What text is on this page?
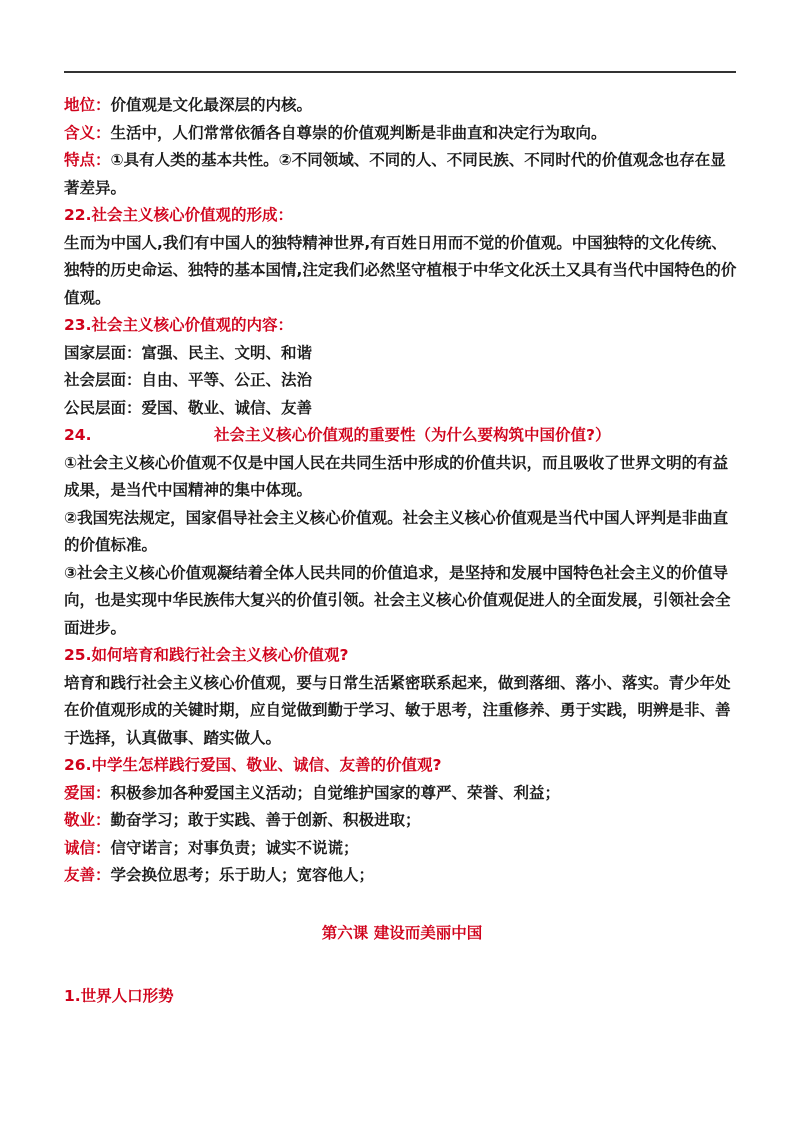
地位：价值观是文化最深层的内核。

含义：生活中，人们常常依循各自尊崇的价值观判断是非曲直和决定行为取向。

特点：①具有人类的基本共性。②不同领域、不同的人、不同民族、不同时代的价值观念也存在显著差异。

22.社会主义核心价值观的形成：

生而为中国人,我们有中国人的独特精神世界,有百姓日用而不觉的价值观。中国独特的文化传统、独特的历史命运、独特的基本国情,注定我们必然坚守植根于中华文化沃土又具有当代中国特色的价值观。

23.社会主义核心价值观的内容：

国家层面：富强、民主、文明、和谐

社会层面：自由、平等、公正、法治

公民层面：爱国、敬业、诚信、友善

24.	社会主义核心价值观的重要性（为什么要构筑中国价值?）

①社会主义核心价值观不仅是中国人民在共同生活中形成的价值共识，而且吸收了世界文明的有益成果，是当代中国精神的集中体现。

②我国宪法规定，国家倡导社会主义核心价值观。社会主义核心价值观是当代中国人评判是非曲直的价值标准。

③社会主义核心价值观凝结着全体人民共同的价值追求，是坚持和发展中国特色社会主义的价值导向，也是实现中华民族伟大复兴的价值引领。社会主义核心价值观促进人的全面发展，引领社会全面进步。

25.如何培育和践行社会主义核心价值观?

培育和践行社会主义核心价值观，要与日常生活紧密联系起来，做到落细、落小、落实。青少年处在价值观形成的关键时期，应自觉做到勤于学习、敏于思考，注重修养、勇于实践，明辨是非、善于选择，认真做事、踏实做人。

26.中学生怎样践行爱国、敬业、诚信、友善的价值观?

爱国：积极参加各种爱国主义活动；自觉维护国家的尊严、荣誉、利益；

敬业：勤奋学习；敢于实践、善于创新、积极进取；

诚信：信守诺言；对事负责；诚实不说谎；

友善：学会换位思考；乐于助人；宽容他人；

第六课 建设而美丽中国

1.世界人口形势
